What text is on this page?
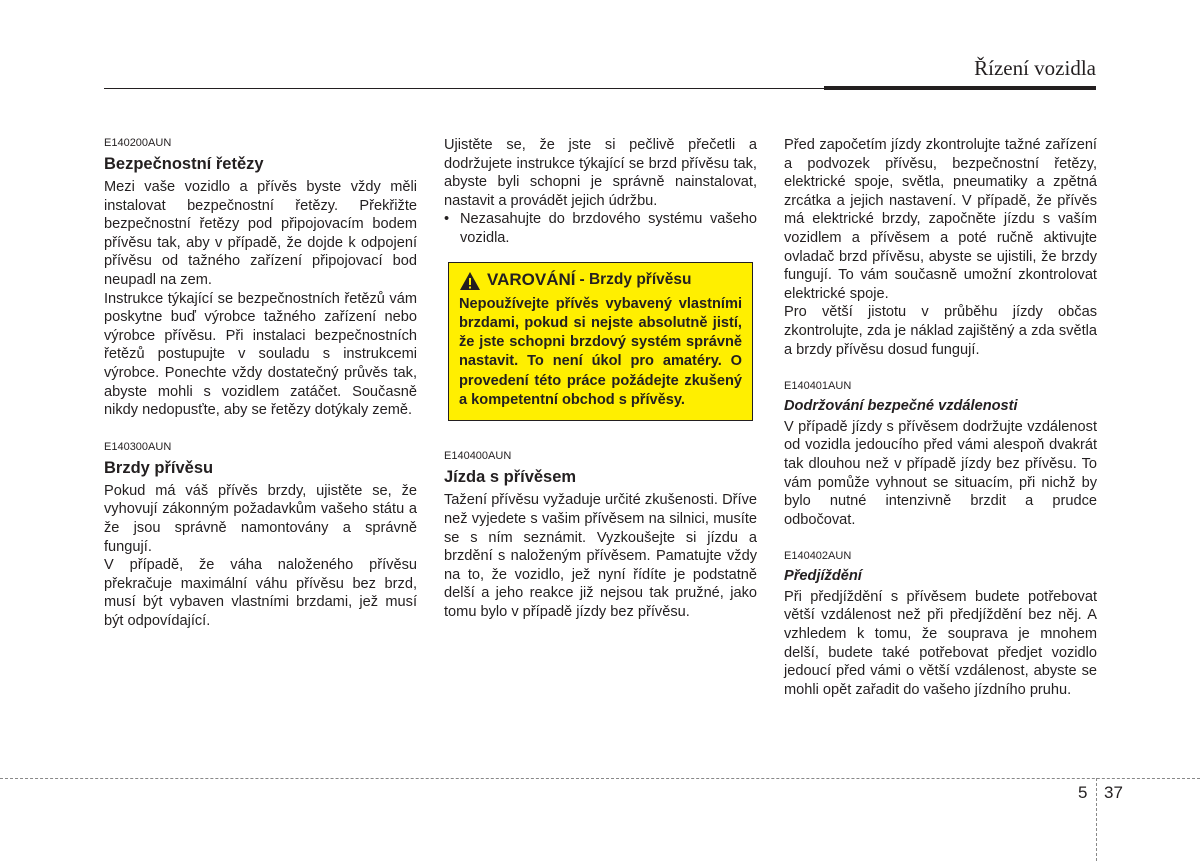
Řízení vozidla
E140200AUN
Bezpečnostní řetězy

Mezi vaše vozidlo a přívěs byste vždy měli instalovat bezpečnostní řetězy. Překřižte bezpečnostní řetězy pod připojovacím bodem přívěsu tak, aby v případě, že dojde k odpojení přívěsu od tažného zařízení připojovací bod neupadl na zem.

Instrukce týkající se bezpečnostních řetězů vám poskytne buď výrobce tažného zařízení nebo výrobce přívěsu. Při instalaci bezpečnostních řetězů postupujte v souladu s instrukcemi výrobce. Ponechte vždy dostatečný průvěs tak, abyste mohli s vozidlem zatáčet. Současně nikdy nedopusťte, aby se řetězy dotýkaly země.

E140300AUN
Brzdy přívěsu

Pokud má váš přívěs brzdy, ujistěte se, že vyhovují zákonným požadavkům vašeho státu a že jsou správně namontovány a správně fungují.

V případě, že váha naloženého přívěsu překračuje maximální váhu přívěsu bez brzd, musí být vybaven vlastními brzdami, jež musí být odpovídající.

Ujistěte se, že jste si pečlivě přečetli a dodržujete instrukce týkající se brzd přívěsu tak, abyste byli schopni je správně nainstalovat, nastavit a provádět jejich údržbu.

• Nezasahujte do brzdového systému vašeho vozidla.
VAROVÁNÍ - Brzdy přívěsu
Nepoužívejte přívěs vybavený vlastními brzdami, pokud si nejste absolutně jistí, že jste schopni brzdový systém správně nastavit. To není úkol pro amatéry. O provedení této práce požádejte zkušený a kompetentní obchod s přívěsy.
E140400AUN
Jízda s přívěsem

Tažení přívěsu vyžaduje určité zkušenosti. Dříve než vyjedete s vašim přívěsem na silnici, musíte se s ním seznámit. Vyzkoušejte si jízdu a brzdění s naloženým přívěsem. Pamatujte vždy na to, že vozidlo, jež nyní řídíte je podstatně delší a jeho reakce již nejsou tak pružné, jako tomu bylo v případě jízdy bez přívěsu.

Před započetím jízdy zkontrolujte tažné zařízení a podvozek přívěsu, bezpečnostní řetězy, elektrické spoje, světla, pneumatiky a zpětná zrcátka a jejich nastavení. V případě, že přívěs má elektrické brzdy, započněte jízdu s vaším vozidlem a přívěsem a poté ručně aktivujte ovladač brzd přívěsu, abyste se ujistili, že brzdy fungují. To vám současně umožní zkontrolovat elektrické spoje.

Pro větší jistotu v průběhu jízdy občas zkontrolujte, zda je náklad zajištěný a zda světla a brzdy přívěsu dosud fungují.

E140401AUN
Dodržování bezpečné vzdálenosti

V případě jízdy s přívěsem dodržujte vzdálenost od vozidla jedoucího před vámi alespoň dvakrát tak dlouhou než v případě jízdy bez přívěsu. To vám pomůže vyhnout se situacím, při nichž by bylo nutné intenzivně brzdit a prudce odbočovat.

E140402AUN
Předjíždění

Při předjíždění s přívěsem budete potřebovat větší vzdálenost než při předjíždění bez něj. A vzhledem k tomu, že souprava je mnohem delší, budete také potřebovat předjet vozidlo jedoucí před vámi o větší vzdálenost, abyste se mohli opět zařadit do vašeho jízdního pruhu.

5 37
